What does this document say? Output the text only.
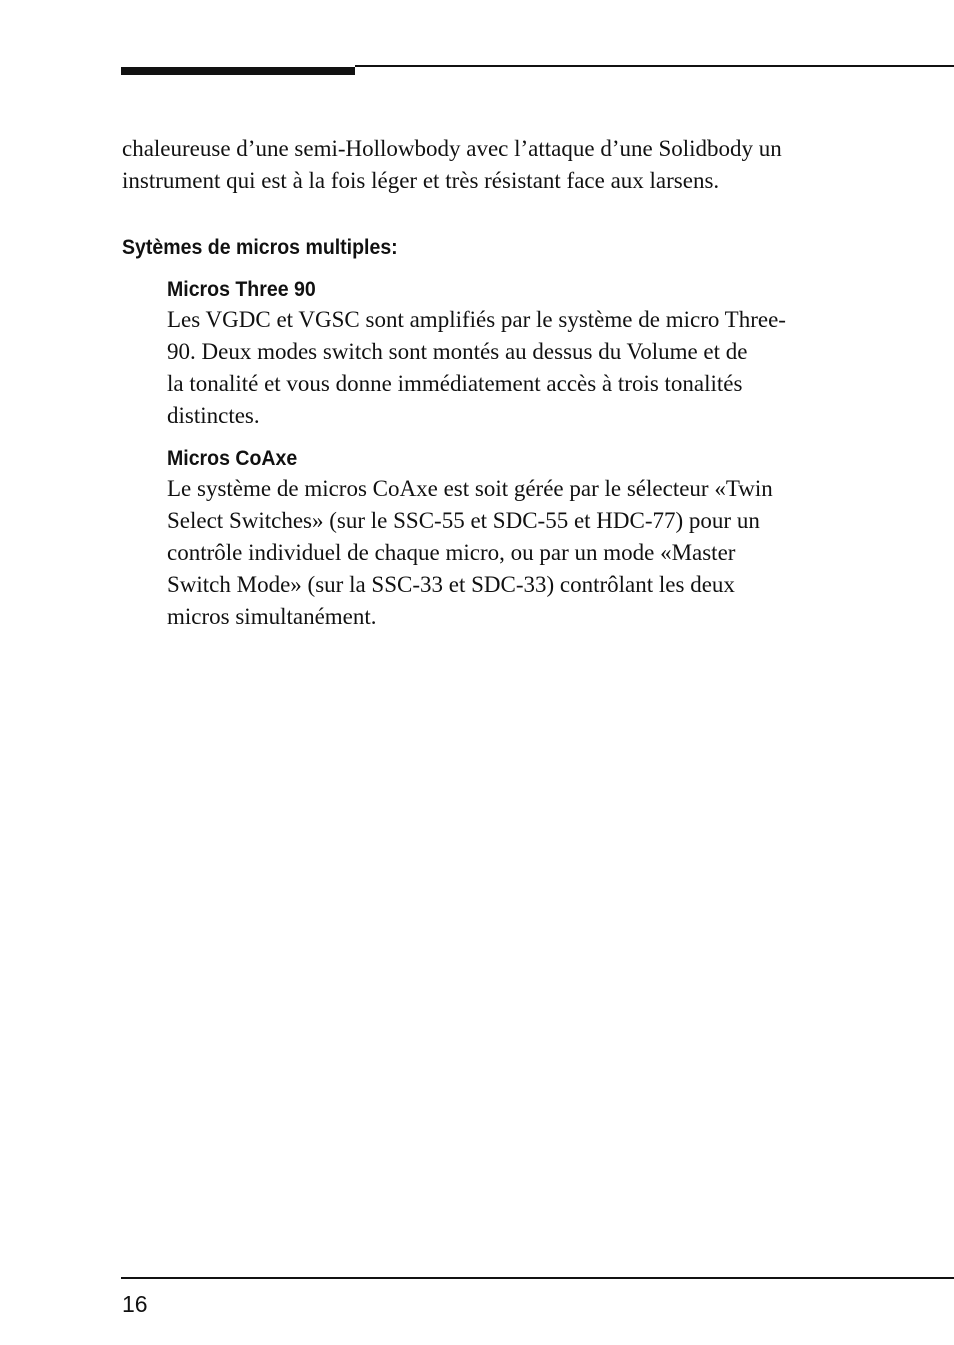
chaleureuse d’une semi-Hollowbody avec l’attaque d’une Solidbody un
instrument qui est à la fois léger et très résistant face aux larsens.

Sytèmes de micros multiples:
Micros Three 90

Les VGDC et VGSC sont amplifiés par le système de micro Three-
90. Deux modes switch sont montés au dessus du Volume et de
la tonalité et vous donne immédiatement accès à trois tonalités
distinctes.

Micros CoAxe

Le système de micros CoAxe est soit gérée par le sélecteur «Twin
Select Switches» (sur le SSC-55 et SDC-55 et HDC-77) pour un
contrôle individuel de chaque micro, ou par un mode «Master
Switch Mode» (sur la SSC-33 et SDC-33) contrôlant les deux
micros simultanément.

16
